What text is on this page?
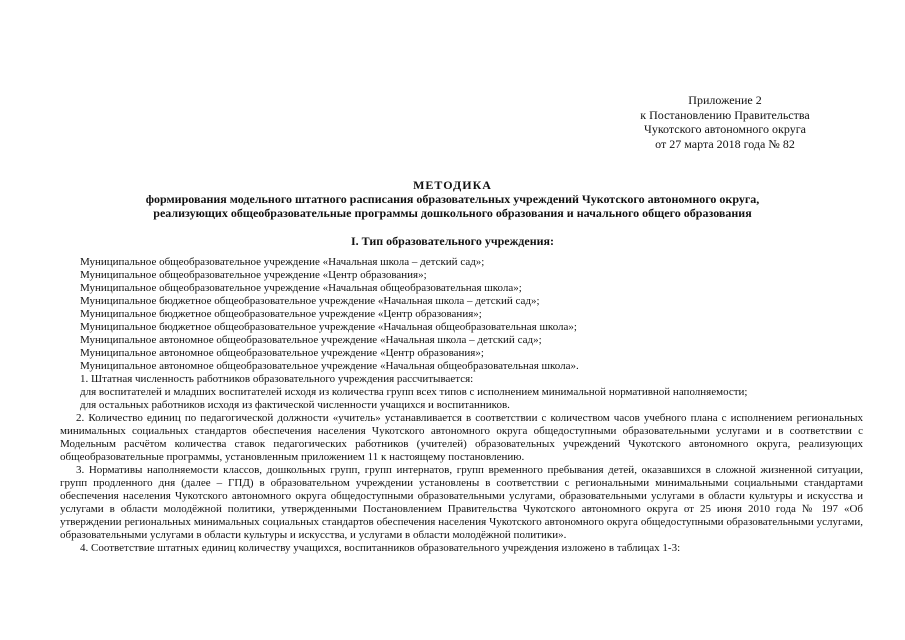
Приложение 2
к Постановлению Правительства
Чукотского автономного округа
от 27 марта 2018 года № 82
МЕТОДИКА
формирования модельного штатного расписания образовательных учреждений Чукотского автономного округа,
реализующих общеобразовательные программы дошкольного образования и начального общего образования
I. Тип образовательного учреждения:
Муниципальное общеобразовательное учреждение «Начальная школа – детский сад»;
Муниципальное общеобразовательное учреждение «Центр образования»;
Муниципальное общеобразовательное учреждение «Начальная общеобразовательная школа»;
Муниципальное бюджетное общеобразовательное учреждение «Начальная школа – детский сад»;
Муниципальное бюджетное общеобразовательное учреждение «Центр образования»;
Муниципальное бюджетное общеобразовательное учреждение «Начальная общеобразовательная школа»;
Муниципальное автономное общеобразовательное учреждение «Начальная школа – детский сад»;
Муниципальное автономное общеобразовательное учреждение «Центр образования»;
Муниципальное автономное общеобразовательное учреждение «Начальная общеобразовательная школа».
1. Штатная численность работников образовательного учреждения рассчитывается:
для воспитателей и младших воспитателей исходя из количества групп всех типов с исполнением минимальной нормативной наполняемости;
для остальных работников исходя из фактической численности учащихся и воспитанников.
2. Количество единиц по педагогической должности «учитель» устанавливается в соответствии с количеством часов учебного плана с исполнением региональных минимальных социальных стандартов обеспечения населения Чукотского автономного округа общедоступными образовательными услугами и в соответствии с Модельным расчётом количества ставок педагогических работников (учителей) образовательных учреждений Чукотского автономного округа, реализующих общеобразовательные программы, установленным приложением 11 к настоящему постановлению.
3. Нормативы наполняемости классов, дошкольных групп, групп интернатов, групп временного пребывания детей, оказавшихся в сложной жизненной ситуации, групп продленного дня (далее – ГПД) в образовательном учреждении установлены в соответствии с региональными минимальными социальными стандартами обеспечения населения Чукотского автономного округа общедоступными образовательными услугами, образовательными услугами в области культуры и искусства и услугами в области молодёжной политики, утвержденными Постановлением Правительства Чукотского автономного округа от 25 июня 2010 года № 197 «Об утверждении региональных минимальных социальных стандартов обеспечения населения Чукотского автономного округа общедоступными образовательными услугами, образовательными услугами в области культуры и искусства, и услугами в области молодёжной политики».
4. Соответствие штатных единиц количеству учащихся, воспитанников образовательного учреждения изложено в таблицах 1-3:
